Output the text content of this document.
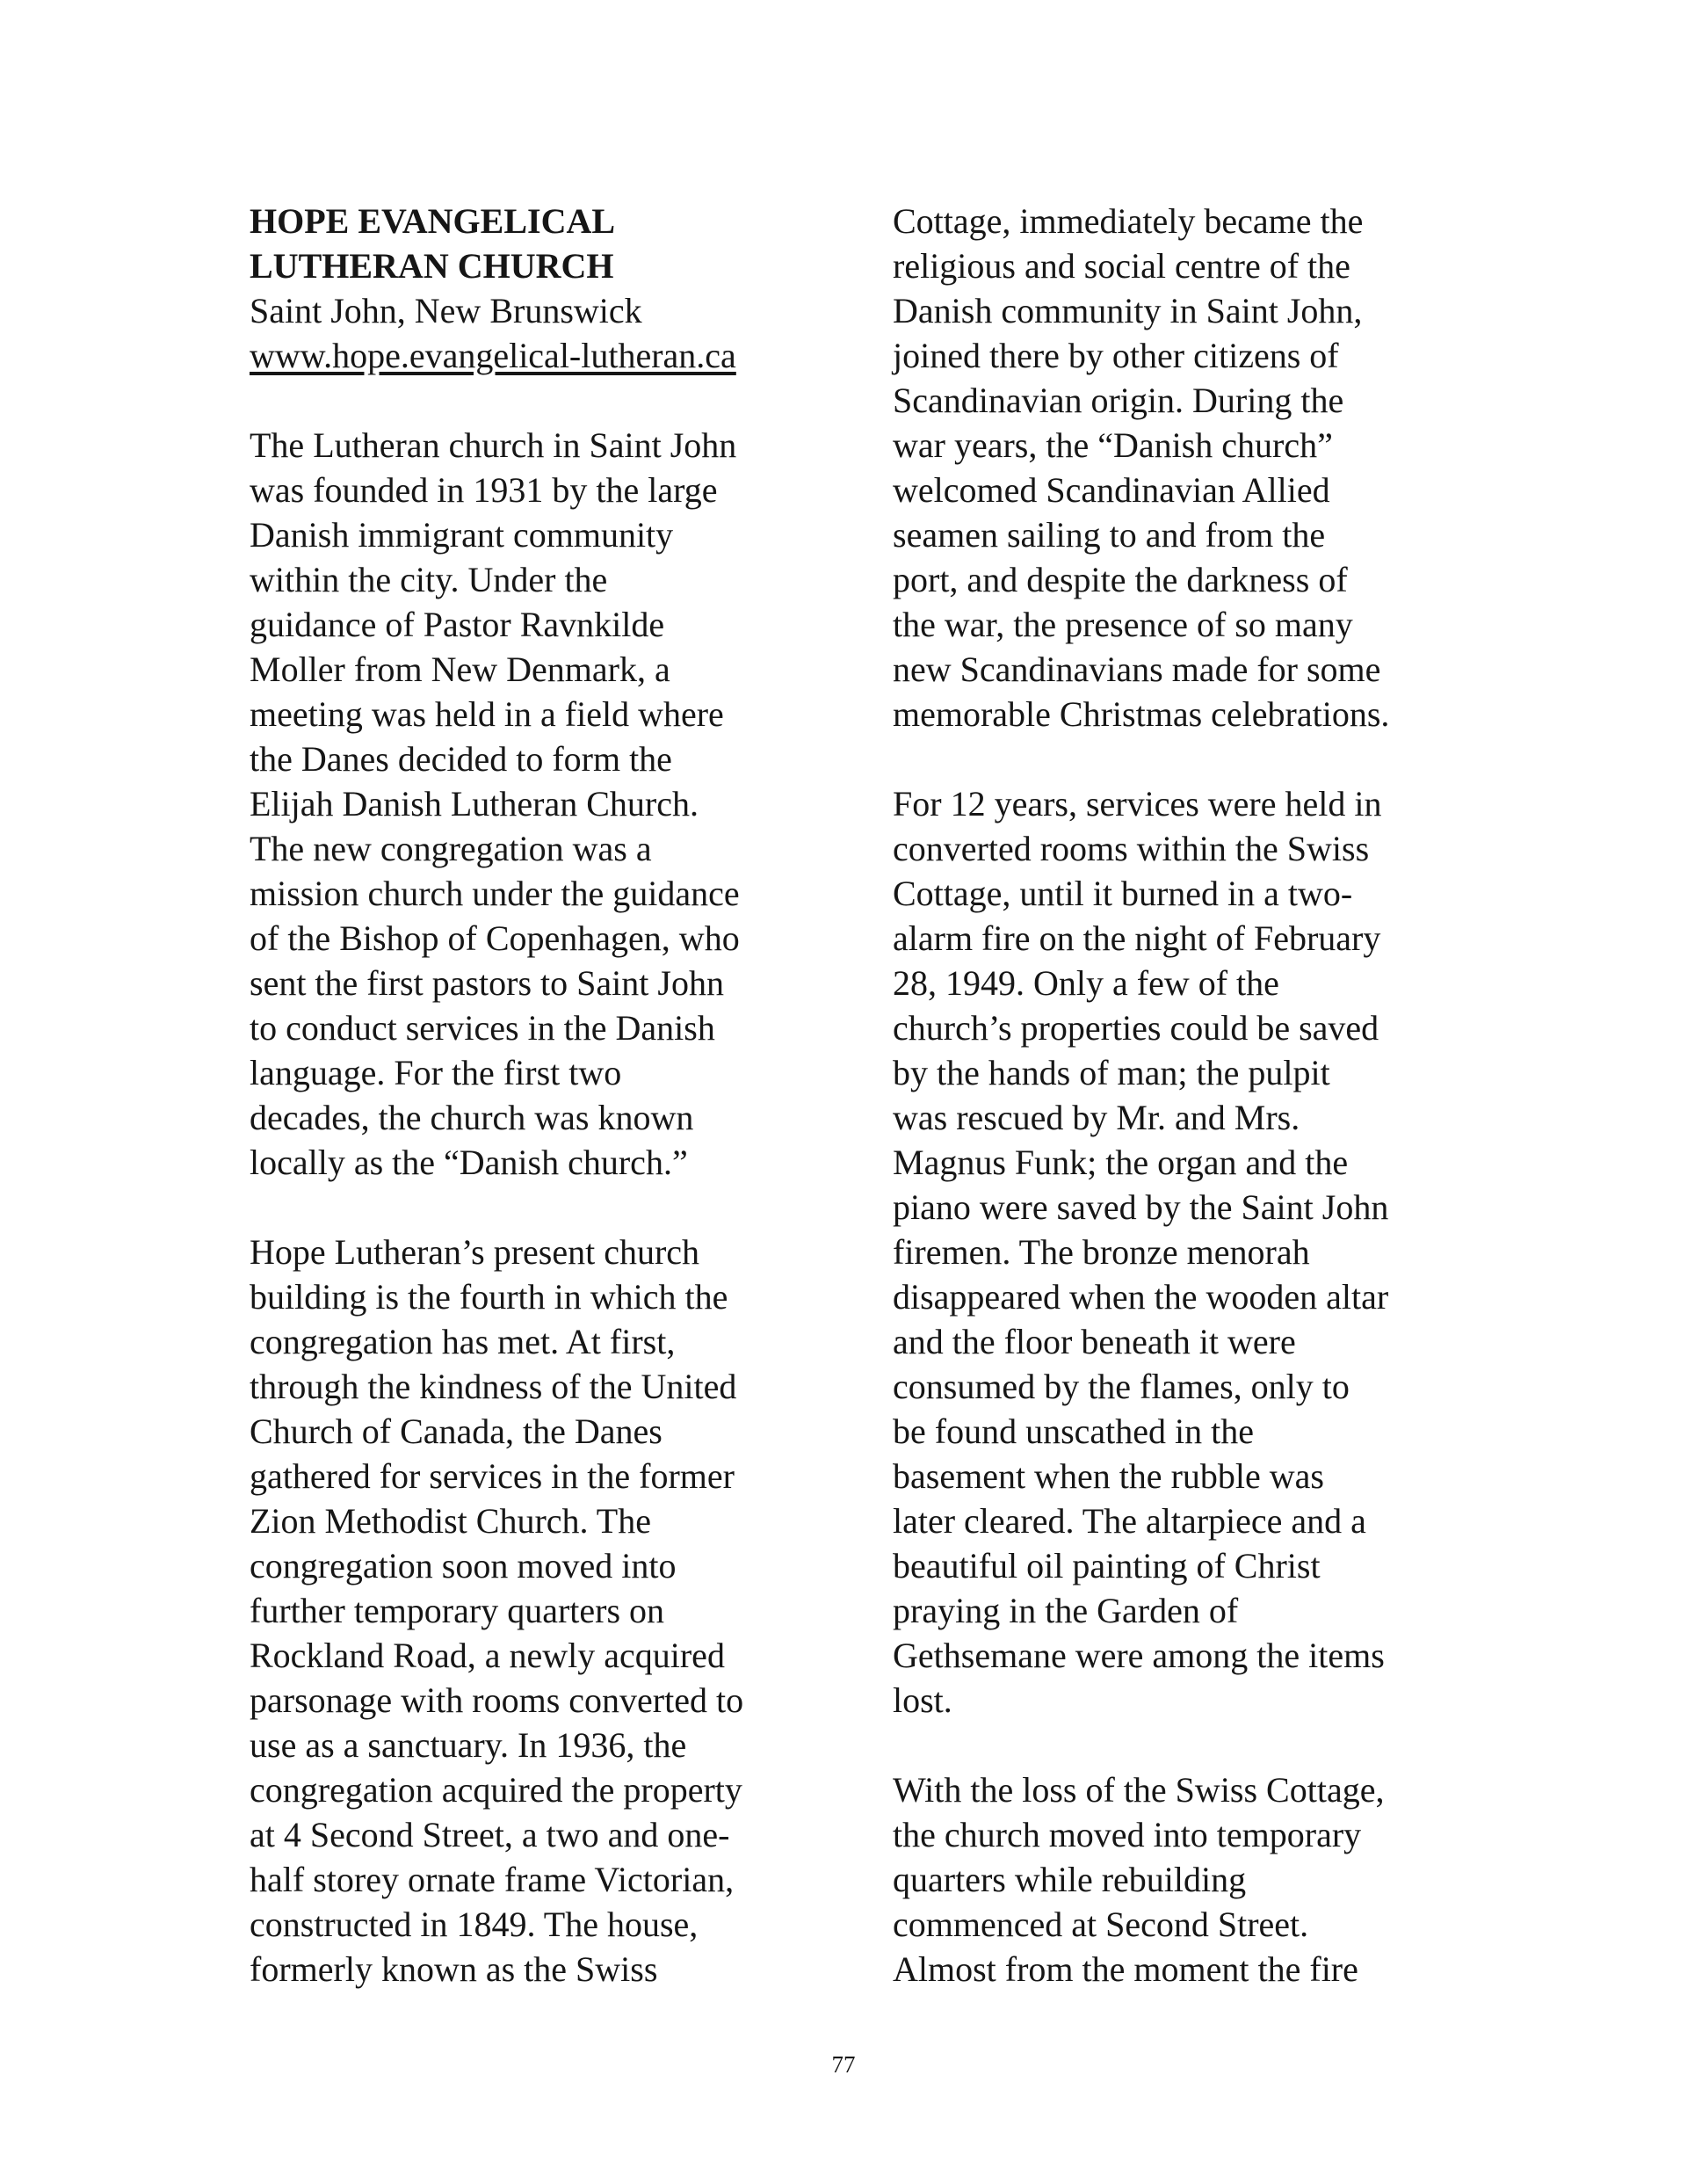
HOPE EVANGELICAL
LUTHERAN CHURCH
Saint John, New Brunswick
www.hope.evangelical-lutheran.ca
The Lutheran church in Saint John
was founded in 1931 by the large
Danish immigrant community
within the city. Under the
guidance of Pastor Ravnkilde
Moller from New Denmark, a
meeting was held in a field where
the Danes decided to form the
Elijah Danish Lutheran Church.
The new congregation was a
mission church under the guidance
of the Bishop of Copenhagen, who
sent the first pastors to Saint John
to conduct services in the Danish
language. For the first two
decades, the church was known
locally as the “Danish church.”
Hope Lutheran’s present church
building is the fourth in which the
congregation has met. At first,
through the kindness of the United
Church of Canada, the Danes
gathered for services in the former
Zion Methodist Church. The
congregation soon moved into
further temporary quarters on
Rockland Road, a newly acquired
parsonage with rooms converted to
use as a sanctuary. In 1936, the
congregation acquired the property
at 4 Second Street, a two and one-
half storey ornate frame Victorian,
constructed in 1849. The house,
formerly known as the Swiss
Cottage, immediately became the
religious and social centre of the
Danish community in Saint John,
joined there by other citizens of
Scandinavian origin. During the
war years, the “Danish church”
welcomed Scandinavian Allied
seamen sailing to and from the
port, and despite the darkness of
the war, the presence of so many
new Scandinavians made for some
memorable Christmas celebrations.
For 12 years, services were held in
converted rooms within the Swiss
Cottage, until it burned in a two-
alarm fire on the night of February
28, 1949. Only a few of the
church’s properties could be saved
by the hands of man; the pulpit
was rescued by Mr. and Mrs.
Magnus Funk; the organ and the
piano were saved by the Saint John
firemen. The bronze menorah
disappeared when the wooden altar
and the floor beneath it were
consumed by the flames, only to
be found unscathed in the
basement when the rubble was
later cleared. The altarpiece and a
beautiful oil painting of Christ
praying in the Garden of
Gethsemane were among the items
lost.
With the loss of the Swiss Cottage,
the church moved into temporary
quarters while rebuilding
commenced at Second Street.
Almost from the moment the fire
77
